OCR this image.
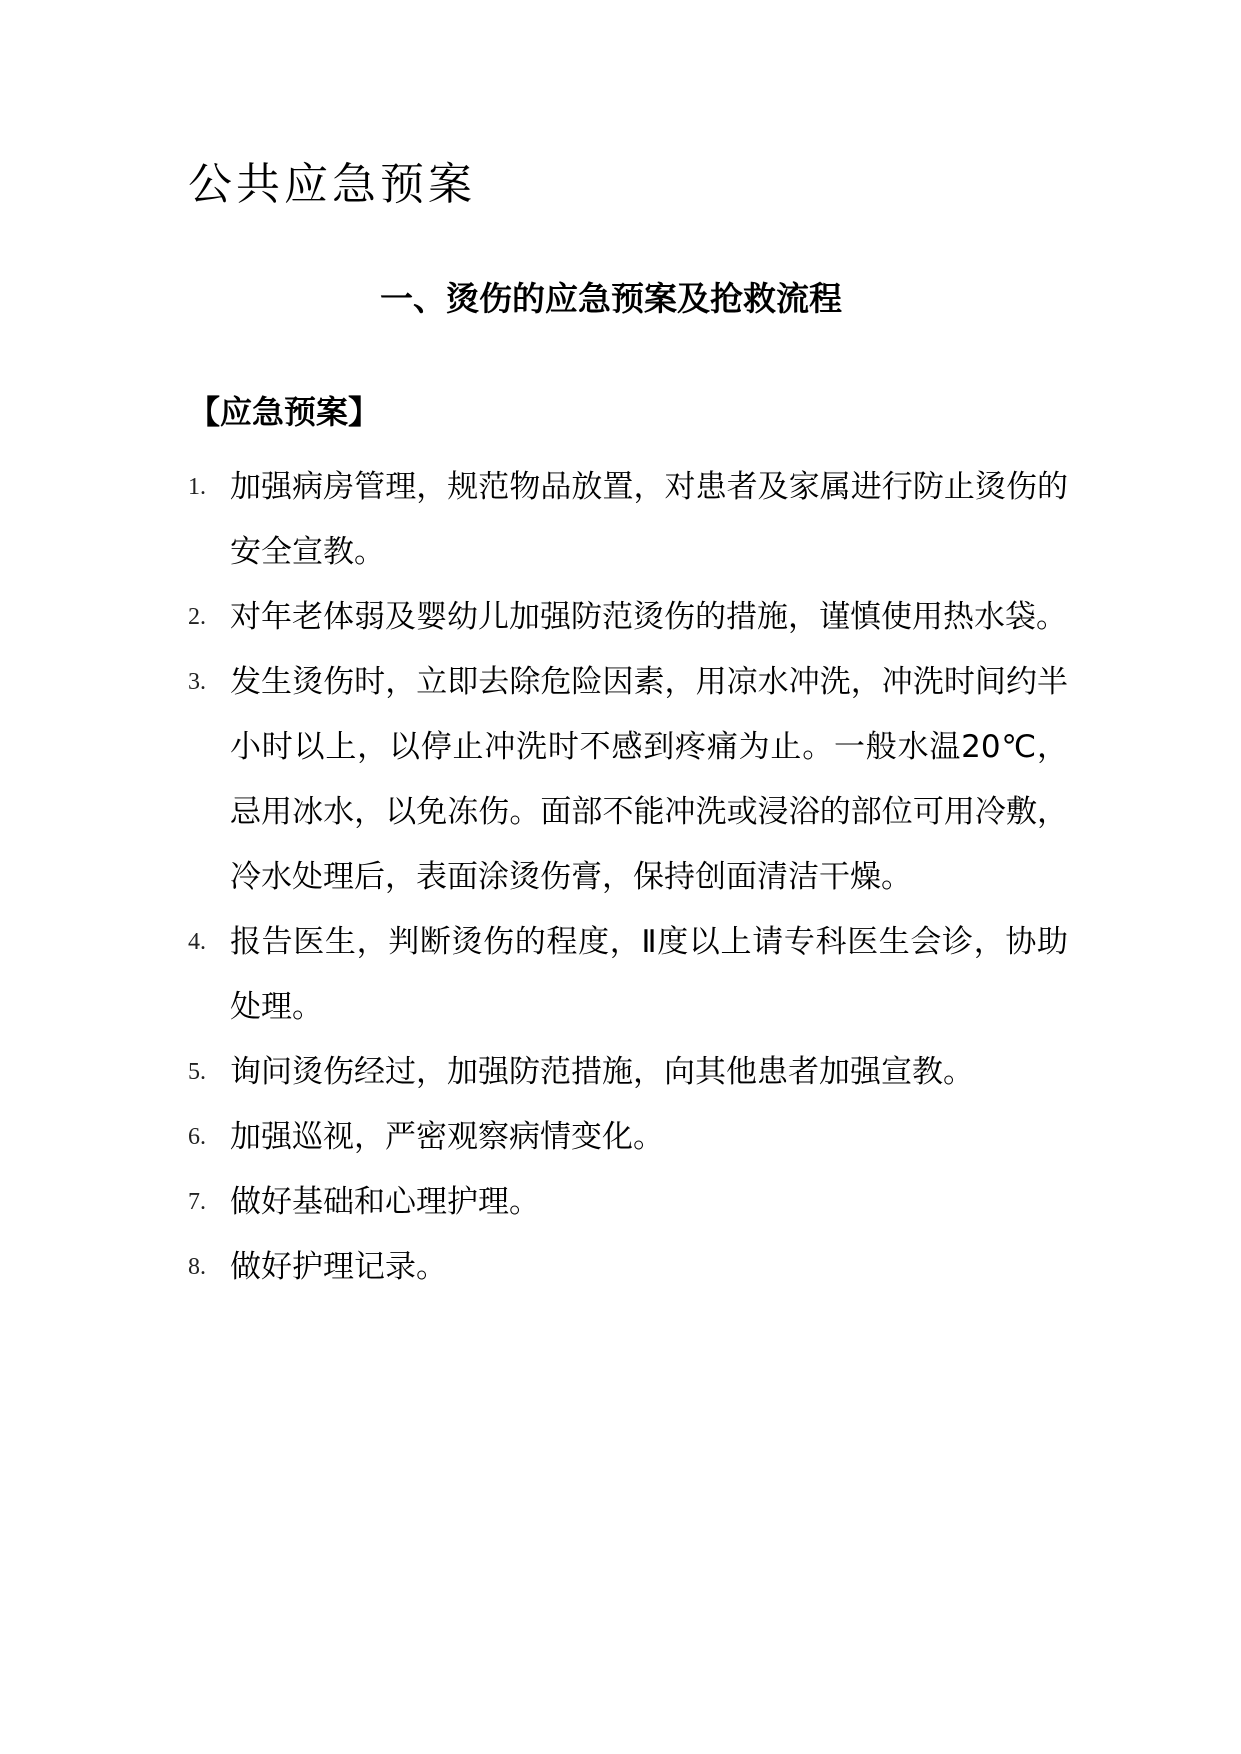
公共应急预案
一、烫伤的应急预案及抢救流程
【应急预案】
1. 加强病房管理，规范物品放置，对患者及家属进行防止烫伤的安全宣教。
2. 对年老体弱及婴幼儿加强防范烫伤的措施，谨慎使用热水袋。
3. 发生烫伤时，立即去除危险因素，用凉水冲洗，冲洗时间约半小时以上，以停止冲洗时不感到疼痛为止。一般水温20℃，忌用冰水，以免冻伤。面部不能冲洗或浸浴的部位可用冷敷，冷水处理后，表面涂烫伤膏，保持创面清洁干燥。
4. 报告医生，判断烫伤的程度，Ⅱ度以上请专科医生会诊，协助处理。
5. 询问烫伤经过，加强防范措施，向其他患者加强宣教。
6. 加强巡视，严密观察病情变化。
7. 做好基础和心理护理。
8. 做好护理记录。
